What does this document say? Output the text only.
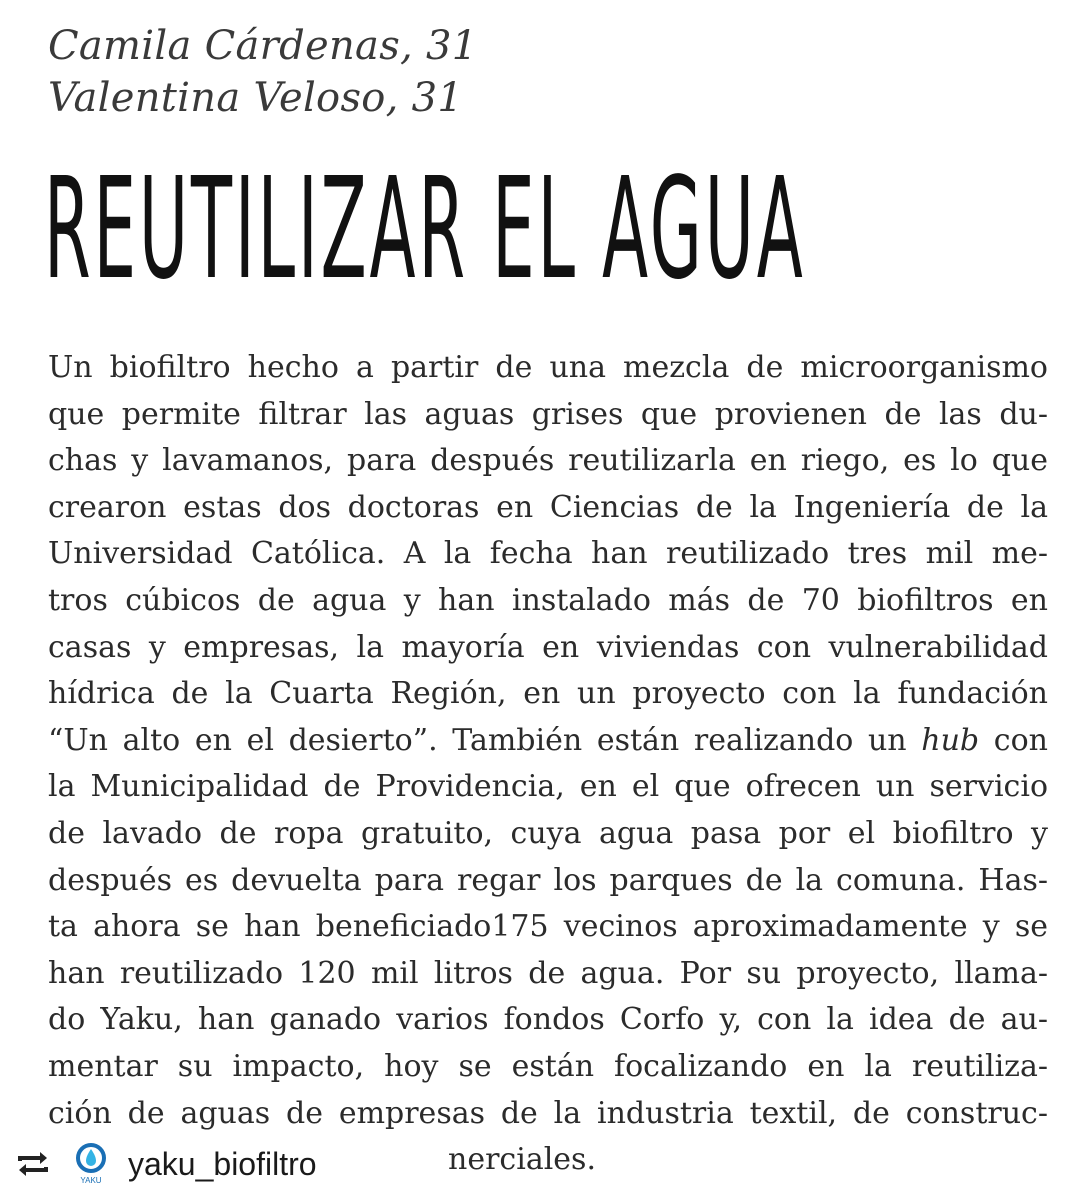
Camila Cárdenas, 31
Valentina Veloso, 31
REUTILIZAR EL AGUA
Un biofiltro hecho a partir de una mezcla de microorganismo
que permite filtrar las aguas grises que provienen de las du-
chas y lavamanos, para después reutilizarla en riego, es lo que
crearon estas dos doctoras en Ciencias de la Ingeniería de la
Universidad Católica. A la fecha han reutilizado tres mil me-
tros cúbicos de agua y han instalado más de 70 biofiltros en
casas y empresas, la mayoría en viviendas con vulnerabilidad
hídrica de la Cuarta Región, en un proyecto con la fundación
“Un alto en el desierto”. También están realizando un hub con
la Municipalidad de Providencia, en el que ofrecen un servicio
de lavado de ropa gratuito, cuya agua pasa por el biofiltro y
después es devuelta para regar los parques de la comuna. Has-
ta ahora se han beneficiado175 vecinos aproximadamente y se
han reutilizado 120 mil litros de agua. Por su proyecto, llama-
do Yaku, han ganado varios fondos Corfo y, con la idea de au-
mentar su impacto, hoy se están focalizando en la reutiliza-
ción de aguas de empresas de la industria textil, de construc-
nerciales.
YAKU yaku_biofiltro
